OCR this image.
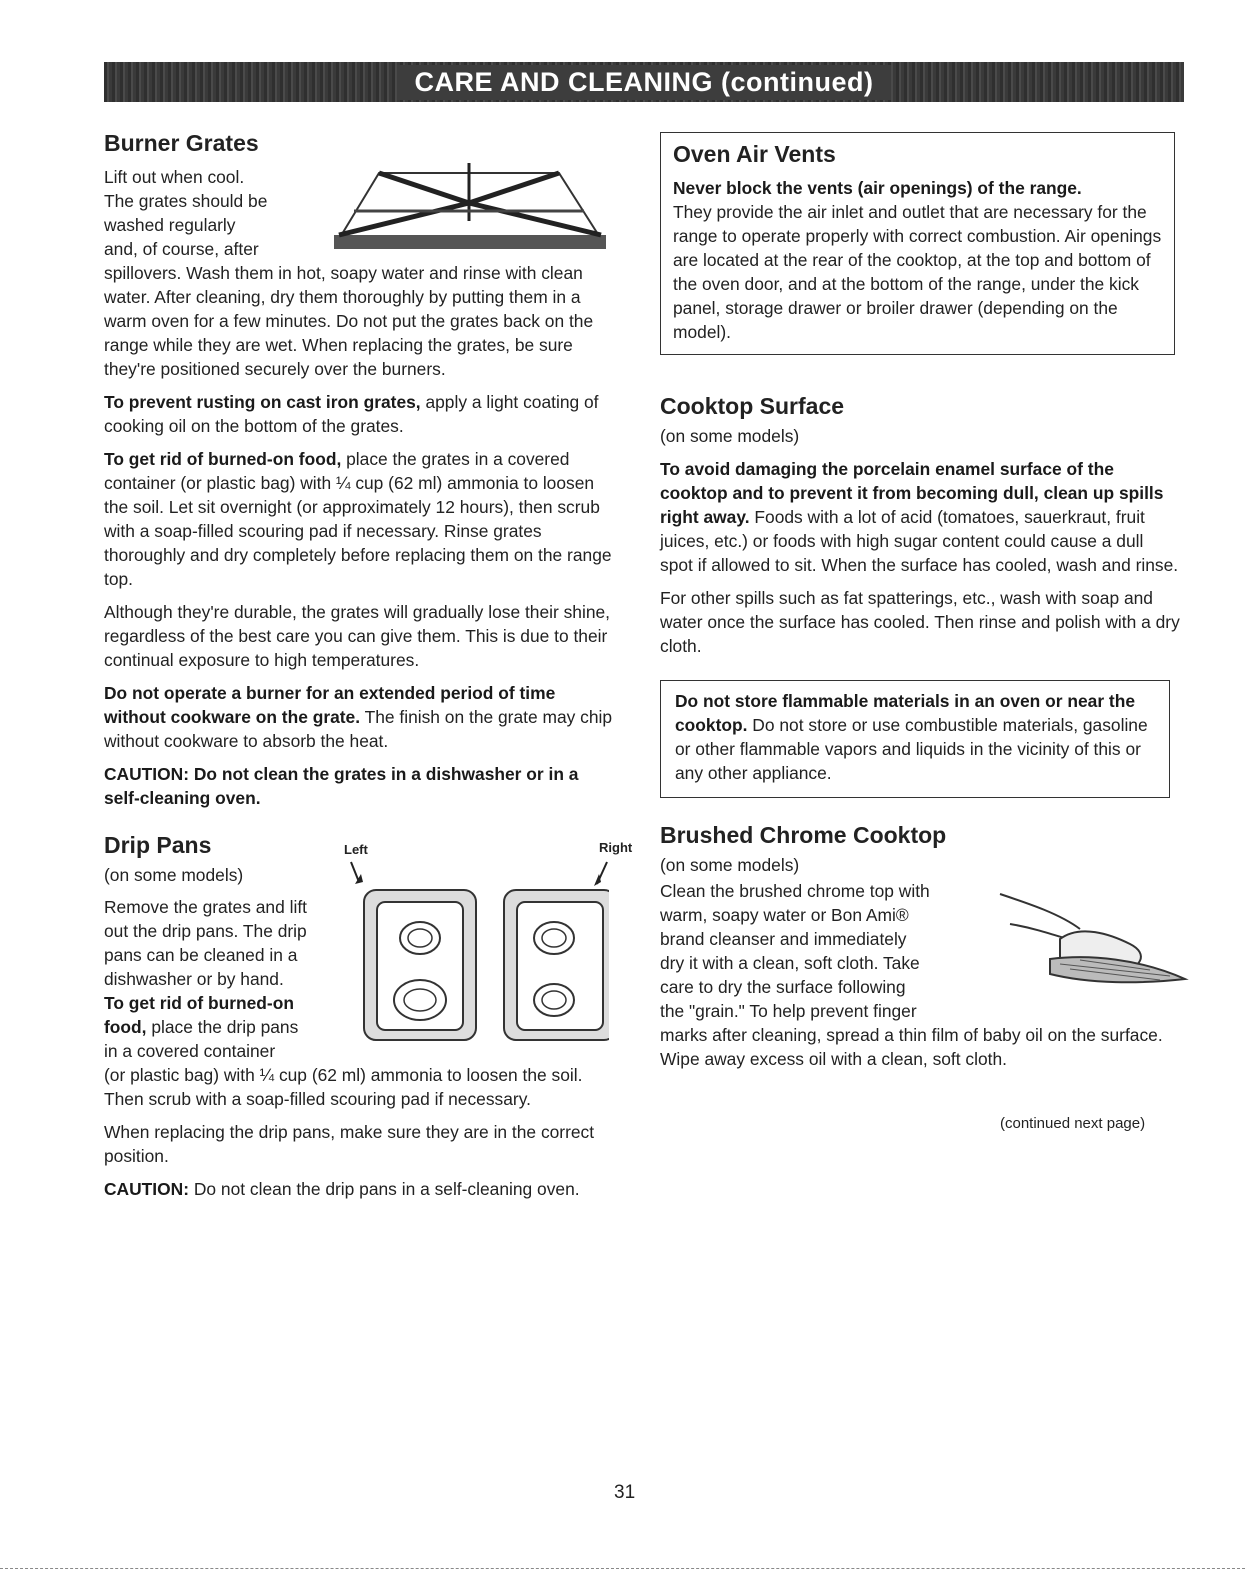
CARE AND CLEANING (continued)
Burner Grates

Lift out when cool.

The grates should be

washed regularly

and, of course, after

spillovers. Wash them in hot, soapy water and rinse with clean water. After cleaning, dry them thoroughly by putting them in a warm oven for a few minutes. Do not put the grates back on the range while they are wet. When replacing the grates, be sure they're positioned securely over the burners.

To prevent rusting on cast iron grates, apply a light coating of cooking oil on the bottom of the grates.

To get rid of burned-on food, place the grates in a covered container (or plastic bag) with ¼ cup (62 ml) ammonia to loosen the soil. Let sit overnight (or approximately 12 hours), then scrub with a soap-filled scouring pad if necessary. Rinse grates thoroughly and dry completely before replacing them on the range top.

Although they're durable, the grates will gradually lose their shine, regardless of the best care you can give them. This is due to their continual exposure to high temperatures.

Do not operate a burner for an extended period of time without cookware on the grate. The finish on the grate may chip without cookware to absorb the heat.

CAUTION: Do not clean the grates in a dishwasher or in a self-cleaning oven.

Drip Pans	Left	Right

(on some models)

Remove the grates and lift

out the drip pans. The drip

pans can be cleaned in a

dishwasher or by hand.

To get rid of burned-on

food, place the drip pans

in a covered container

(or plastic bag) with ¼ cup (62 ml) ammonia to loosen the soil. Then scrub with a soap-filled scouring pad if necessary.

When replacing the drip pans, make sure they are in the correct position.

CAUTION: Do not clean the drip pans in a self-cleaning oven.

Oven Air Vents

Never block the vents (air openings) of the range.

They provide the air inlet and outlet that are necessary for the range to operate properly with correct combustion. Air openings are located at the rear of the cooktop, at the top and bottom of the oven door, and at the bottom of the range, under the kick panel, storage drawer or broiler drawer (depending on the model).

Cooktop Surface

(on some models)

To avoid damaging the porcelain enamel surface of the cooktop and to prevent it from becoming dull, clean up spills right away. Foods with a lot of acid (tomatoes, sauerkraut, fruit juices, etc.) or foods with high sugar content could cause a dull spot if allowed to sit. When the surface has cooled, wash and rinse.

For other spills such as fat spatterings, etc., wash with soap and water once the surface has cooled. Then rinse and polish with a dry cloth.

Do not store flammable materials in an oven or near the cooktop. Do not store or use combustible materials, gasoline or other flammable vapors and liquids in the vicinity of this or any other appliance.

Brushed Chrome Cooktop

(on some models)

Clean the brushed chrome top with

warm, soapy water or Bon Ami®

brand cleanser and immediately

dry it with a clean, soft cloth. Take

care to dry the surface following

the "grain." To help prevent finger

marks after cleaning, spread a thin film of baby oil on the surface. Wipe away excess oil with a clean, soft cloth.

(continued next page)
31
